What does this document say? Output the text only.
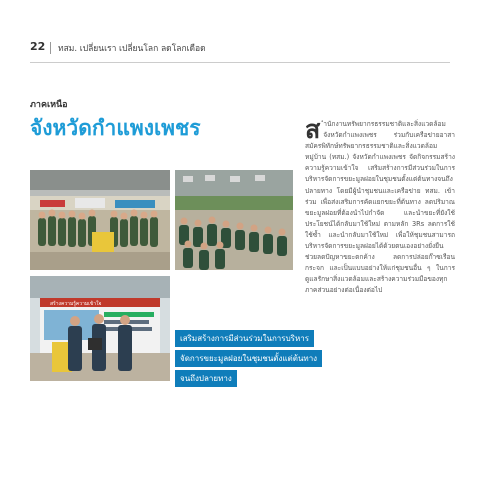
22 ทสม. เปลี่ยนเรา เปลี่ยนโลก ลดโลกเดือด
ภาคเหนือ
จังหวัดกำแพงเพชร
สร้างความรู้ความเข้าใจ
เสริมสร้างการมีส่วนร่วมในการบริหาร
จัดการขยะมูลฝอยในชุมชนตั้งแต่ต้นทาง
จนถึงปลายทาง
สำนักงานทรัพยากรธรรมชาติและสิ่งแวดล้อมจังหวัดกำแพงเพชร ร่วมกับเครือข่ายอาสาสมัครพิทักษ์ทรัพยากรธรรมชาติและสิ่งแวดล้อมหมู่บ้าน (ทสม.) จังหวัดกำแพงเพชร จัดกิจกรรมสร้างความรู้ความเข้าใจ เสริมสร้างการมีส่วนร่วมในการบริหารจัดการขยะมูลฝอยในชุมชนตั้งแต่ต้นทางจนถึงปลายทาง โดยมีผู้นำชุมชนและเครือข่าย ทสม. เข้าร่วม เพื่อส่งเสริมการคัดแยกขยะที่ต้นทาง ลดปริมาณขยะมูลฝอยที่ต้องนำไปกำจัด และนำขยะที่ยังใช้ประโยชน์ได้กลับมาใช้ใหม่ ตามหลัก 3Rs ลดการใช้ ใช้ซ้ำ และนำกลับมาใช้ใหม่ เพื่อให้ชุมชนสามารถบริหารจัดการขยะมูลฝอยได้ด้วยตนเองอย่างยั่งยืน ช่วยลดปัญหาขยะตกค้าง ลดการปล่อยก๊าซเรือนกระจก และเป็นแบบอย่างให้แก่ชุมชนอื่น ๆ ในการดูแลรักษาสิ่งแวดล้อมและสร้างความร่วมมือของทุกภาคส่วนอย่างต่อเนื่องต่อไป
